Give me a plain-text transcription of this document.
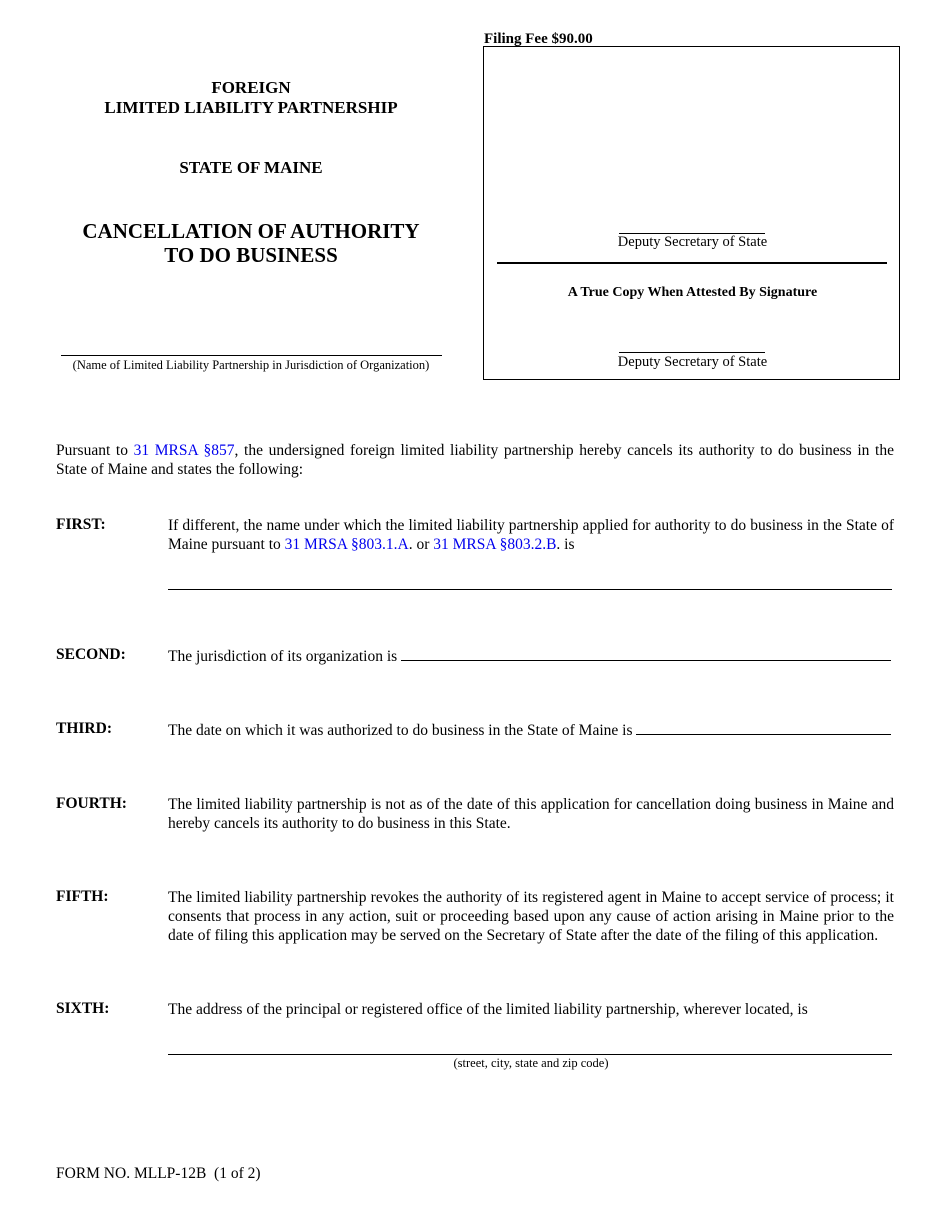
FOREIGN
LIMITED LIABILITY PARTNERSHIP
STATE OF MAINE
CANCELLATION OF AUTHORITY
TO DO BUSINESS
(Name of Limited Liability Partnership in Jurisdiction of Organization)
Filing Fee $90.00
Deputy Secretary of State
A True Copy When Attested By Signature
Deputy Secretary of State
Pursuant to 31 MRSA §857, the undersigned foreign limited liability partnership hereby cancels its authority to do business in the State of Maine and states the following:
FIRST:	If different, the name under which the limited liability partnership applied for authority to do business in the State of Maine pursuant to 31 MRSA §803.1.A. or 31 MRSA §803.2.B. is
SECOND:	The jurisdiction of its organization is
THIRD:	The date on which it was authorized to do business in the State of Maine is
FOURTH:	The limited liability partnership is not as of the date of this application for cancellation doing business in Maine and hereby cancels its authority to do business in this State.
FIFTH:	The limited liability partnership revokes the authority of its registered agent in Maine to accept service of process; it consents that process in any action, suit or proceeding based upon any cause of action arising in Maine prior to the date of filing this application may be served on the Secretary of State after the date of the filing of this application.
SIXTH:	The address of the principal or registered office of the limited liability partnership, wherever located, is
(street, city, state and zip code)
FORM NO. MLLP-12B  (1 of 2)
